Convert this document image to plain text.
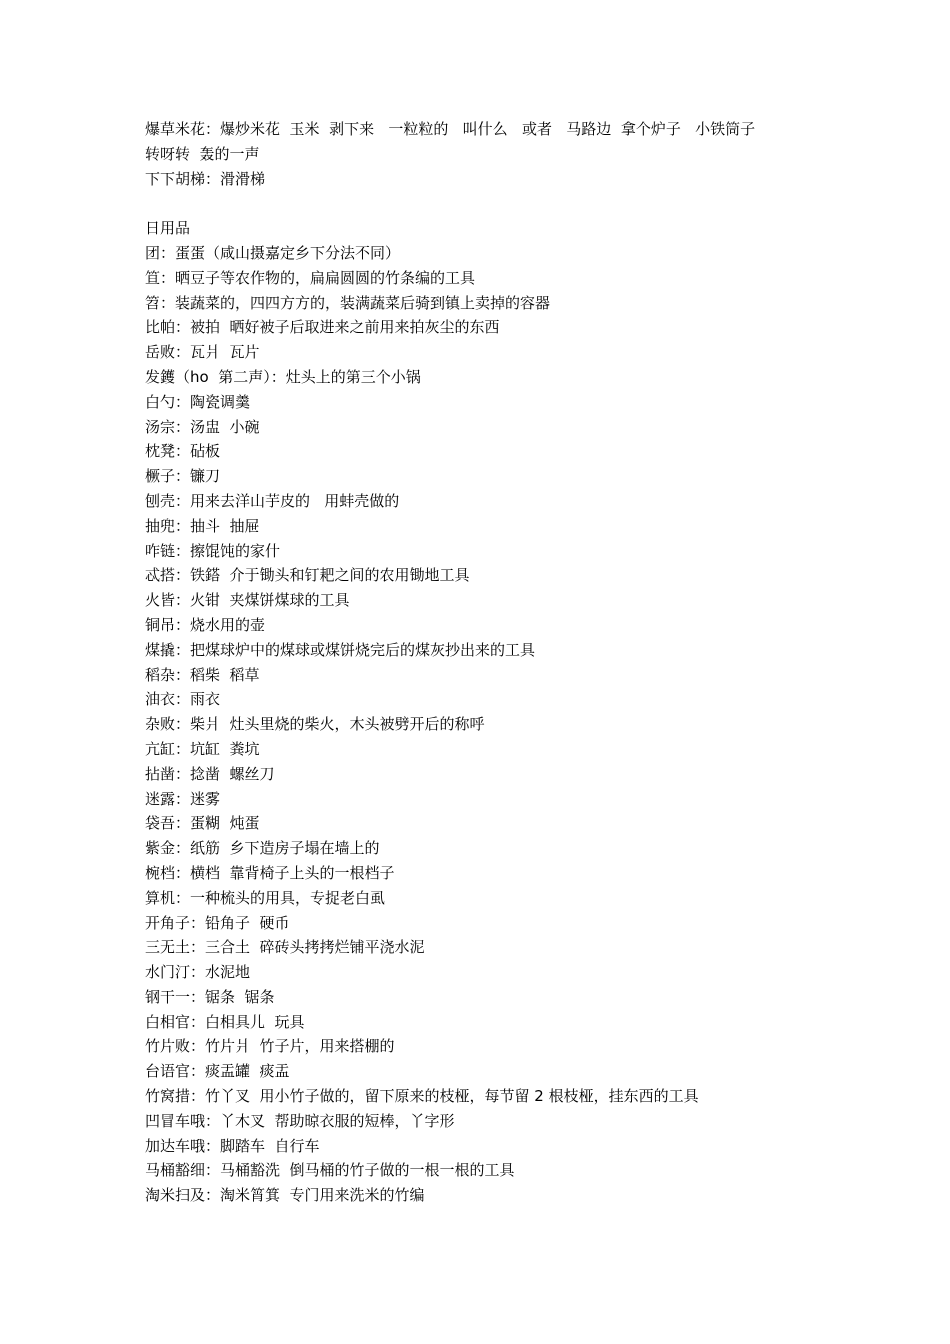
爆草米花：爆炒米花  玉米  剥下来   一粒粒的   叫什么   或者   马路边  拿个炉子   小铁筒子
转呀转  轰的一声
下下胡梯：滑滑梯
日用品
团：蛋蛋（咸山摄嘉定乡下分法不同）
笪：晒豆子等农作物的，扁扁圆圆的竹条编的工具
笤：装蔬菜的，四四方方的，装满蔬菜后骑到镇上卖掉的容器
比帕：被拍  晒好被子后取进来之前用来拍灰尘的东西
岳败：瓦爿  瓦片
发鑊（ho  第二声）：灶头上的第三个小锅
白勺：陶瓷调羹
汤宗：汤盅  小碗
枕凳：砧板
橛子：镰刀
刨壳：用来去洋山芋皮的   用蚌壳做的
抽兜：抽斗  抽屉
咋链：擦馄饨的家什
忒搭：铁鎝  介于锄头和钉耙之间的农用锄地工具
火皆：火钳  夹煤饼煤球的工具
铜吊：烧水用的壶
煤撬：把煤球炉中的煤球或煤饼烧完后的煤灰抄出来的工具
稻杂：稻柴  稻草
油衣：雨衣
杂败：柴爿  灶头里烧的柴火，木头被劈开后的称呼
亢缸：坑缸  粪坑
拈凿：捻凿  螺丝刀
迷露：迷雾
袋吾：蛋糊  炖蛋
紫金：纸筋  乡下造房子塌在墙上的
椀档：横档  靠背椅子上头的一根档子
算机：一种梳头的用具，专捉老白虱
开角子：铅角子  硬币
三无土：三合土  碎砖头拷拷烂铺平浇水泥
水门汀：水泥地
钢干一：锯条  锯条
白相官：白相具儿  玩具
竹片败：竹片爿  竹子片，用来搭棚的
台语官：痰盂罐  痰盂
竹窝措：竹丫叉  用小竹子做的，留下原来的枝桠，每节留 2 根枝桠，挂东西的工具
凹冒车哦：丫木叉  帮助晾衣服的短棒，丫字形
加达车哦：脚踏车  自行车
马桶豁细：马桶豁洗  倒马桶的竹子做的一根一根的工具
淘米扫及：淘米筲箕  专门用来洗米的竹编
